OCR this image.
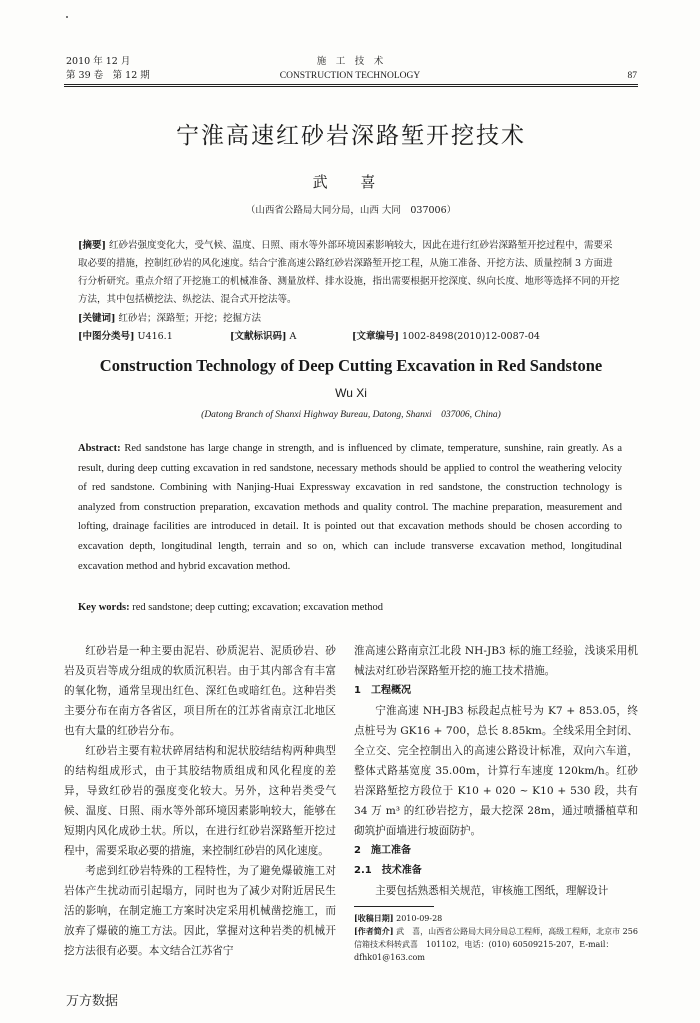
2010 年 12 月
第 39 卷　第 12 期
施　工　技　术
CONSTRUCTION TECHNOLOGY	87
宁淮高速红砂岩深路堑开挖技术
武 喜
（山西省公路局大同分局，山西 大同　037006）
[摘要] 红砂岩强度变化大，受气候、温度、日照、雨水等外部环境因素影响较大，因此在进行红砂岩深路堑开挖过程中，需要采取必要的措施，控制红砂岩的风化速度。结合宁淮高速公路红砂岩深路堑开挖工程，从施工准备、开挖方法、质量控制 3 方面进行分析研究。重点介绍了开挖施工的机械准备、测量放样、排水设施，指出需要根据开挖深度、纵向长度、地形等选择不同的开挖方法，其中包括横挖法、纵挖法、混合式开挖法等。
[关键词] 红砂岩；深路堑；开挖；挖掘方法
[中图分类号] U416.1	[文献标识码] A	[文章编号] 1002-8498(2010)12-0087-04
Construction Technology of Deep Cutting Excavation in Red Sandstone
Wu Xi
(Datong Branch of Shanxi Highway Bureau, Datong, Shanxi　037006, China)
Abstract: Red sandstone has large change in strength, and is influenced by climate, temperature, sunshine, rain greatly. As a result, during deep cutting excavation in red sandstone, necessary methods should be applied to control the weathering velocity of red sandstone. Combining with Nanjing-Huai Expressway excavation in red sandstone, the construction technology is analyzed from construction preparation, excavation methods and quality control. The machine preparation, measurement and lofting, drainage facilities are introduced in detail. It is pointed out that excavation methods should be chosen according to excavation depth, longitudinal length, terrain and so on, which can include transverse excavation method, longitudinal excavation method and hybrid excavation method.
Key words: red sandstone; deep cutting; excavation; excavation method

红砂岩是一种主要由泥岩、砂质泥岩、泥质砂岩、砂岩及页岩等成分组成的软质沉积岩。由于其内部含有丰富的氧化物，通常呈现出红色、深红色或暗红色。这种岩类主要分布在南方各省区，项目所在的江苏省南京江北地区也有大量的红砂岩分布。

红砂岩主要有粒状碎屑结构和泥状胶结结构两种典型的结构组成形式，由于其胶结物质组成和风化程度的差异，导致红砂岩的强度变化较大。另外，这种岩类受气候、温度、日照、雨水等外部环境因素影响较大，能够在短期内风化成砂土状。所以，在进行红砂岩深路堑开挖过程中，需要采取必要的措施，来控制红砂岩的风化速度。

考虑到红砂岩特殊的工程特性，为了避免爆破施工对岩体产生扰动而引起塌方，同时也为了减少对附近居民生活的影响，在制定施工方案时决定采用机械凿挖施工，而放弃了爆破的施工方法。因此，掌握对这种岩类的机械开挖方法很有必要。本文结合江苏省宁

淮高速公路南京江北段 NH-JB3 标的施工经验，浅谈采用机械法对红砂岩深路堑开挖的施工技术措施。

1　工程概况

宁淮高速 NH-JB3 标段起点桩号为 K7 + 853.05，终点桩号为 GK16 + 700，总长 8.85km。全线采用全封闭、全立交、完全控制出入的高速公路设计标准，双向六车道，整体式路基宽度 35.00m，计算行车速度 120km/h。红砂岩深路堑挖方段位于 K10 + 020 ~ K10 + 530 段，共有 34 万 m³ 的红砂岩挖方，最大挖深 28m，通过喷播植草和砌筑护面墙进行坡面防护。

2　施工准备

2.1　技术准备

主要包括熟悉相关规范，审核施工图纸，理解设计

[收稿日期] 2010-09-28
[作者简介] 武　喜，山西省公路局大同分局总工程师，高级工程师，北京市 256 信箱技术科转武喜　101102，电话：(010) 60509215-207，E-mail：dfhk01@163.com
万方数据
